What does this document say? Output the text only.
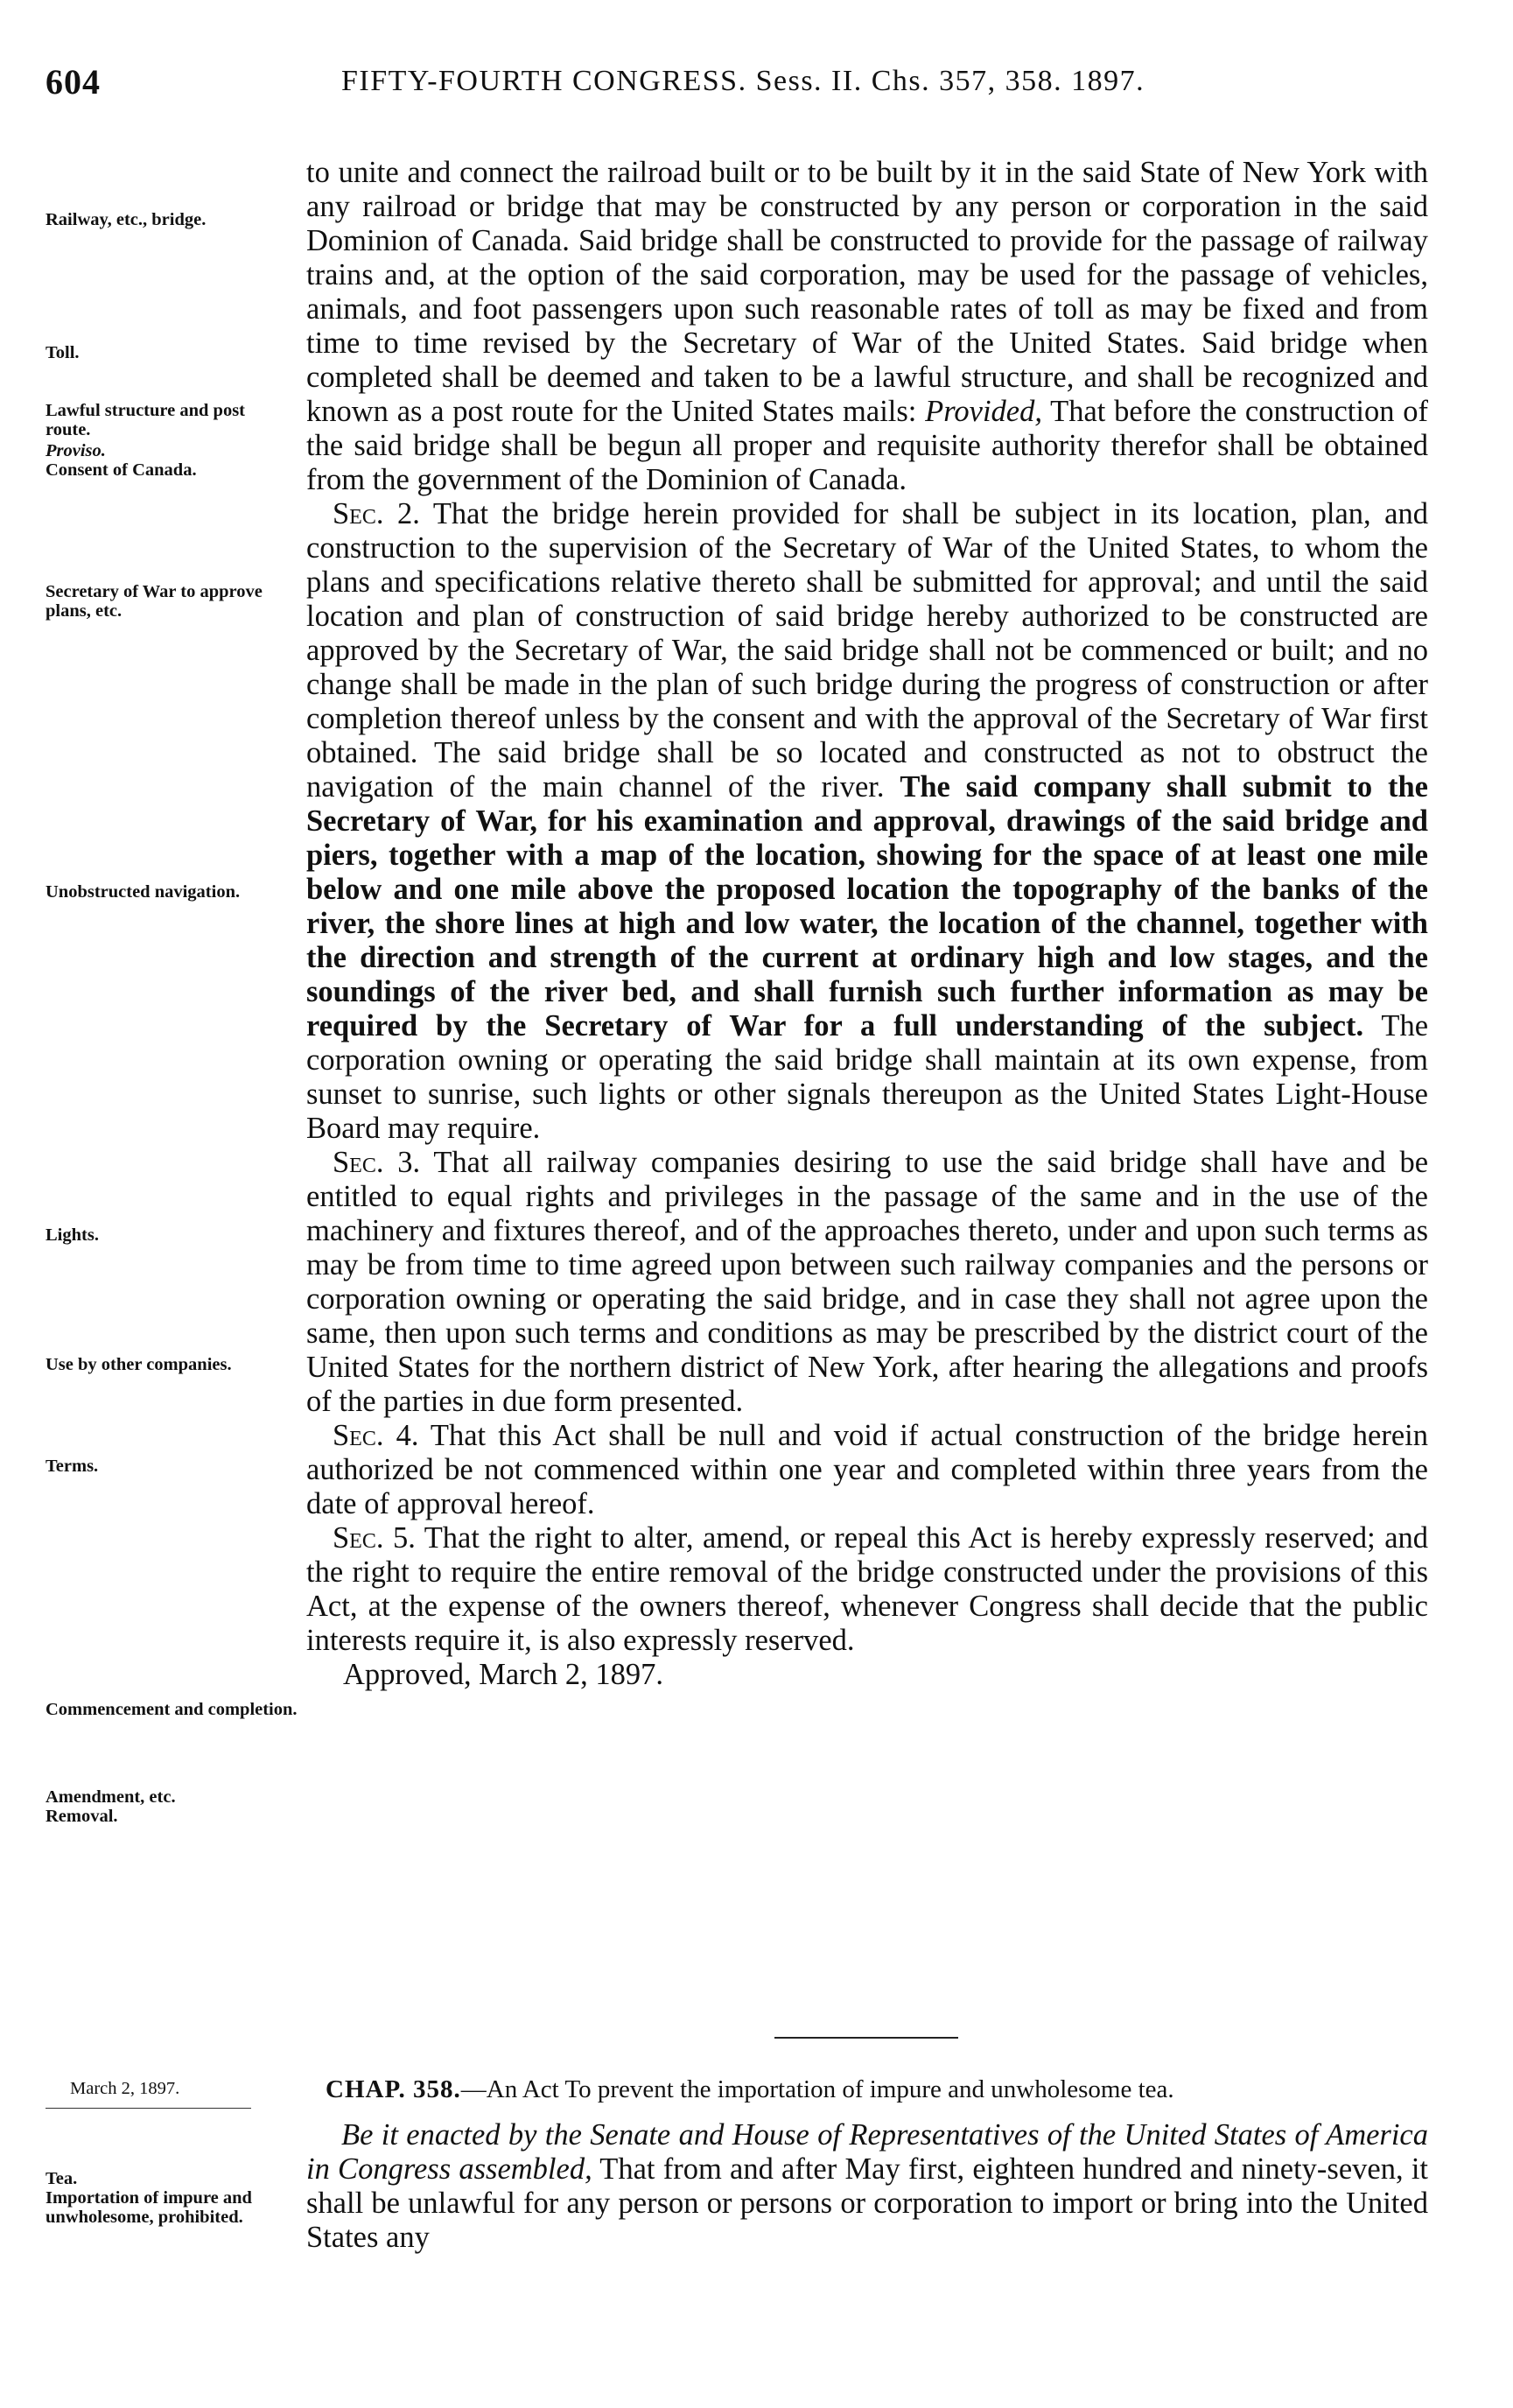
604	FIFTY-FOURTH CONGRESS. Sess. II. Chs. 357, 358. 1897.
Railway, etc., bridge.
Toll.
Lawful structure and post route.
Proviso.
Consent of Canada.
Secretary of War to approve plans, etc.
Unobstructed navigation.
Lights.
Use by other companies.
Terms.
Commencement and completion.
Amendment, etc.
Removal.

to unite and connect the railroad built or to be built by it in the said State of New York with any railroad or bridge that may be constructed by any person or corporation in the said Dominion of Canada. Said bridge shall be constructed to provide for the passage of railway trains and, at the option of the said corporation, may be used for the passage of vehicles, animals, and foot passengers upon such reasonable rates of toll as may be fixed and from time to time revised by the Secretary of War of the United States. Said bridge when completed shall be deemed and taken to be a lawful structure, and shall be recognized and known as a post route for the United States mails: Provided, That before the construction of the said bridge shall be begun all proper and requisite authority therefor shall be obtained from the government of the Dominion of Canada.

Sec. 2. That the bridge herein provided for shall be subject in its location, plan, and construction to the supervision of the Secretary of War of the United States, to whom the plans and specifications relative thereto shall be submitted for approval; and until the said location and plan of construction of said bridge hereby authorized to be constructed are approved by the Secretary of War, the said bridge shall not be commenced or built; and no change shall be made in the plan of such bridge during the progress of construction or after completion thereof unless by the consent and with the approval of the Secretary of War first obtained. The said bridge shall be so located and constructed as not to obstruct the navigation of the main channel of the river. The said company shall submit to the Secretary of War, for his examination and approval, drawings of the said bridge and piers, together with a map of the location, showing for the space of at least one mile below and one mile above the proposed location the topography of the banks of the river, the shore lines at high and low water, the location of the channel, together with the direction and strength of the current at ordinary high and low stages, and the soundings of the river bed, and shall furnish such further information as may be required by the Secretary of War for a full understanding of the subject. The corporation owning or operating the said bridge shall maintain at its own expense, from sunset to sunrise, such lights or other signals thereupon as the United States Light-House Board may require.

Sec. 3. That all railway companies desiring to use the said bridge shall have and be entitled to equal rights and privileges in the passage of the same and in the use of the machinery and fixtures thereof, and of the approaches thereto, under and upon such terms as may be from time to time agreed upon between such railway companies and the persons or corporation owning or operating the said bridge, and in case they shall not agree upon the same, then upon such terms and conditions as may be prescribed by the district court of the United States for the northern district of New York, after hearing the allegations and proofs of the parties in due form presented.

Sec. 4. That this Act shall be null and void if actual construction of the bridge herein authorized be not commenced within one year and completed within three years from the date of approval hereof.

Sec. 5. That the right to alter, amend, or repeal this Act is hereby expressly reserved; and the right to require the entire removal of the bridge constructed under the provisions of this Act, at the expense of the owners thereof, whenever Congress shall decide that the public interests require it, is also expressly reserved.

Approved, March 2, 1897.

March 2, 1897.	CHAP. 358.—An Act To prevent the importation of impure and unwholesome tea.
Tea.
Importation of impure and unwholesome, prohibited.

Be it enacted by the Senate and House of Representatives of the United States of America in Congress assembled, That from and after May first, eighteen hundred and ninety-seven, it shall be unlawful for any person or persons or corporation to import or bring into the United States any
